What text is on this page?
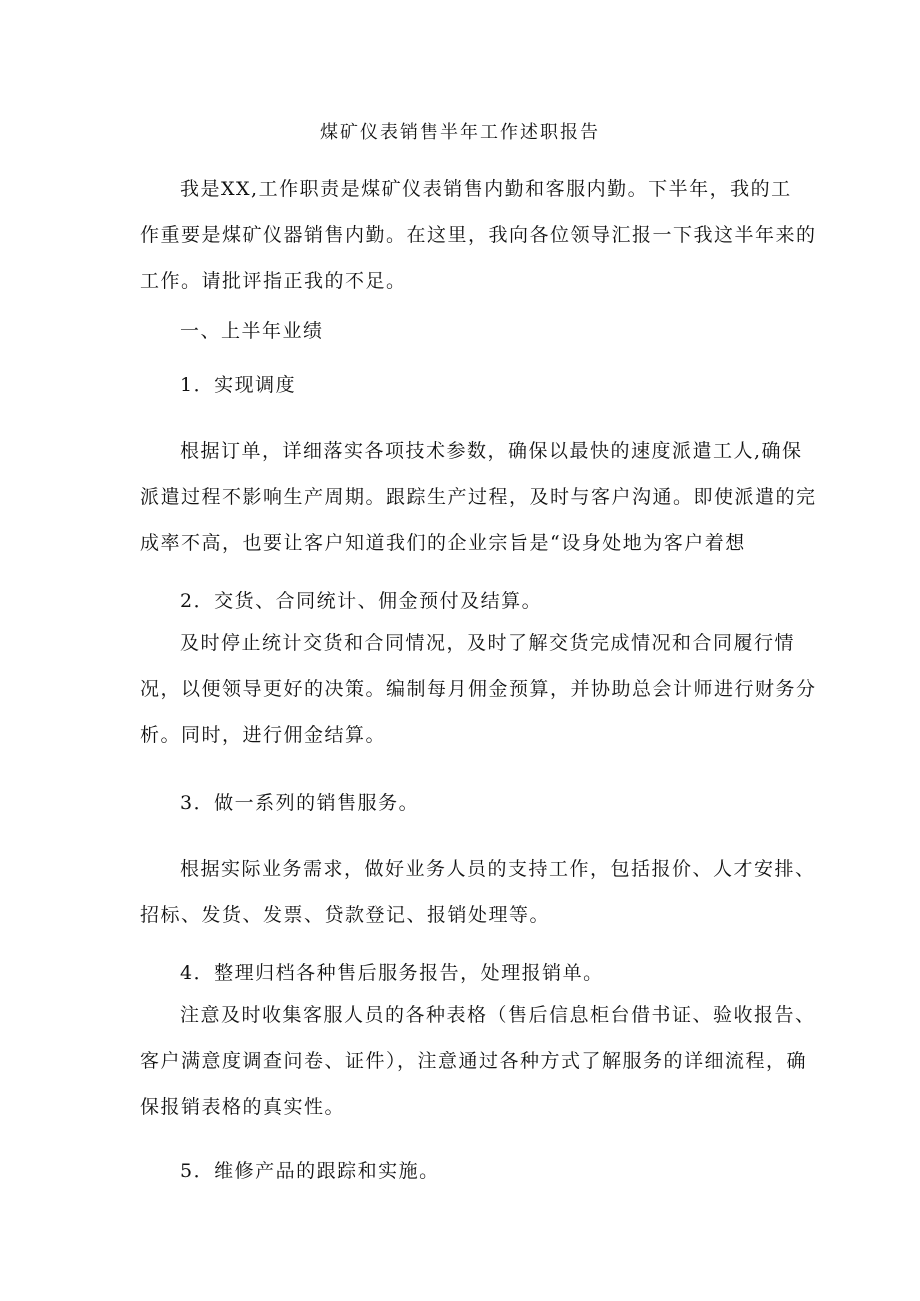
煤矿仪表销售半年工作述职报告
我是XX,工作职责是煤矿仪表销售内勤和客服内勤。下半年，我的工
作重要是煤矿仪器销售内勤。在这里，我向各位领导汇报一下我这半年来的
工作。请批评指正我的不足。
一、上半年业绩
1．实现调度
根据订单，详细落实各项技术参数，确保以最快的速度派遣工人,确保
派遣过程不影响生产周期。跟踪生产过程，及时与客户沟通。即使派遣的完
成率不高，也要让客户知道我们的企业宗旨是“设身处地为客户着想
2．交货、合同统计、佣金预付及结算。
及时停止统计交货和合同情况，及时了解交货完成情况和合同履行情
况，以便领导更好的决策。编制每月佣金预算，并协助总会计师进行财务分
析。同时，进行佣金结算。
3．做一系列的销售服务。
根据实际业务需求，做好业务人员的支持工作，包括报价、人才安排、
招标、发货、发票、贷款登记、报销处理等。
4．整理归档各种售后服务报告，处理报销单。
注意及时收集客服人员的各种表格（售后信息柜台借书证、验收报告、
客户满意度调查问卷、证件），注意通过各种方式了解服务的详细流程，确
保报销表格的真实性。
5．维修产品的跟踪和实施。
